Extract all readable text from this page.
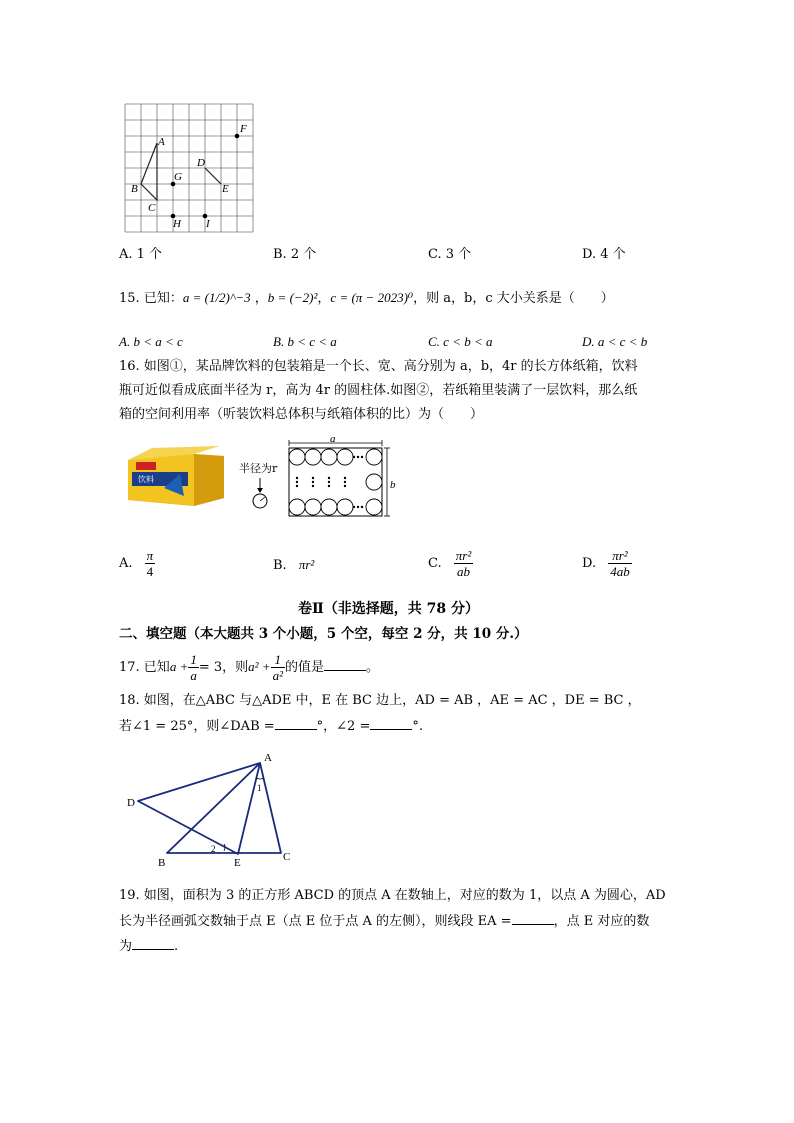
A
B
C
D
E
F
G
H I
A. 1 个	B. 2 个	C. 3 个	D. 4 个
15. 已知：a = (1/2)^−3 ，b = (−2)²，c = (π − 2023)⁰，则 a，b，c 大小关系是（　　）
A. b < a < c	B. b < c < a	C. c < b < a	D. a < c < b
16. 如图①，某品牌饮料的包装箱是一个长、宽、高分别为 a，b，4r 的长方体纸箱，饮料
瓶可近似看成底面半径为 r，高为 4r 的圆柱体.如图②，若纸箱里装满了一层饮料，那么纸
箱的空间利用率（听装饮料总体积与纸箱体积的比）为（　　）
饮料
半径为r
a
b
A. $\frac{\pi}{4}$	B. πr²	C. $\frac{\text{πr²}}{ab}$	D. $\frac{\text{πr²}}{4ab}$
卷Ⅱ（非选择题，共 78 分）
二、填空题（本大题共 3 个小题，5 个空，每空 2 分，共 10 分.）
17. 已知$a + \frac{1}{a} = 3$，则$a^2 + \frac{1}{\text{a²}}$ 的值是	。
18. 如图，在△ABC 与△ADE 中，E 在 BC 边上，AD = AB ，AE = AC ，DE = BC ，
若∠1 = 25°，则∠DAB =	°，∠2 =	°.
A
D
B	E	C
1
2
19. 如图，面积为 3 的正方形 ABCD 的顶点 A 在数轴上，对应的数为 1，以点 A 为圆心，AD
长为半径画弧交数轴于点 E（点 E 位于点 A 的左侧），则线段 EA =	，点 E 对应的数
为	.
